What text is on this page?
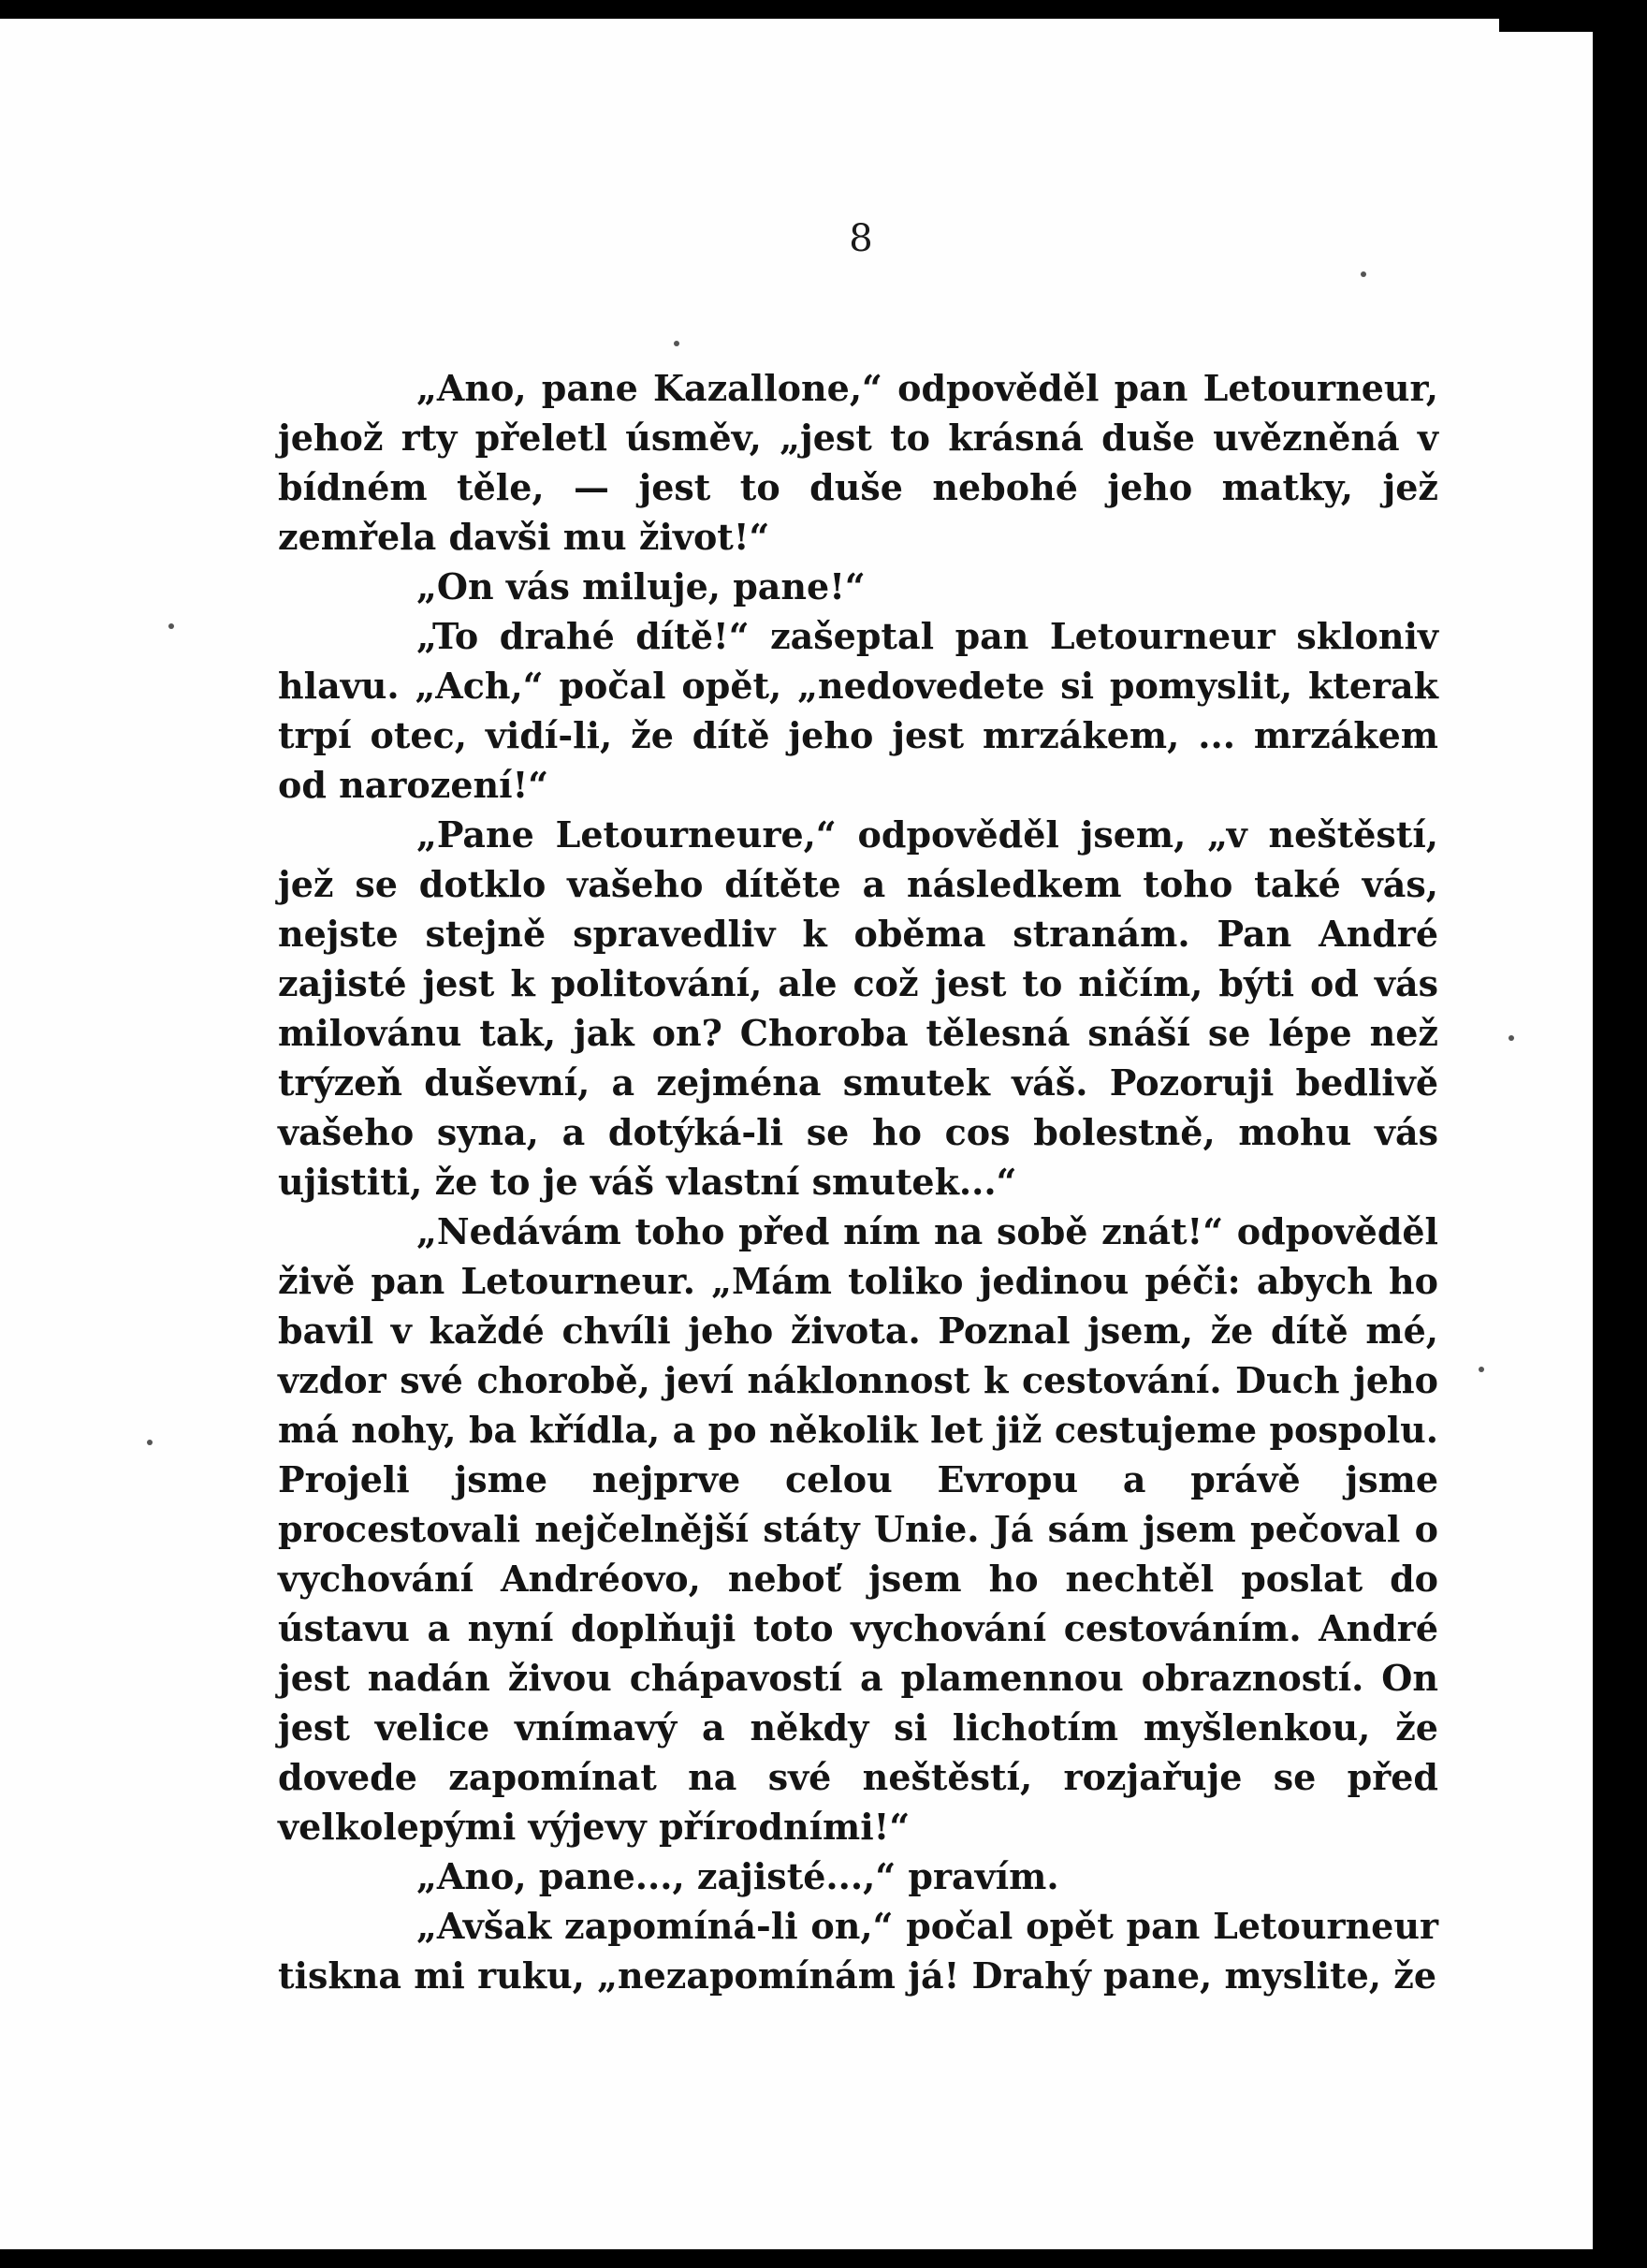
8

„Ano, pane Kazallone,“ odpověděl pan Letourneur, jehož rty přeletl úsměv, „jest to krásná duše uvězněná v bídném těle, — jest to duše nebohé jeho matky, jež zemřela davši mu život!“

„On vás miluje, pane!“

„To drahé dítě!“ zašeptal pan Letourneur skloniv hlavu. „Ach,“ počal opět, „nedovedete si pomyslit, kterak trpí otec, vidí-li, že dítě jeho jest mrzákem, ... mrzákem od narození!“

„Pane Letourneure,“ odpověděl jsem, „v neštěstí, jež se dotklo vašeho dítěte a následkem toho také vás, nejste stejně spravedliv k oběma stranám. Pan André zajisté jest k politování, ale což jest to ničím, býti od vás milovánu tak, jak on? Choroba tělesná snáší se lépe než trýzeň duševní, a zejména smutek váš. Pozoruji bedlivě vašeho syna, a dotýká-li se ho cos bolestně, mohu vás ujistiti, že to je váš vlastní smutek...“

„Nedávám toho před ním na sobě znát!“ odpověděl živě pan Letourneur. „Mám toliko jedinou péči: abych ho bavil v každé chvíli jeho života. Poznal jsem, že dítě mé, vzdor své chorobě, jeví náklonnost k cestování. Duch jeho má nohy, ba křídla, a po několik let již cestujeme pospolu. Projeli jsme nejprve celou Evropu a právě jsme procestovali nejčelnější státy Unie. Já sám jsem pečoval o vychování Andréovo, neboť jsem ho nechtěl poslat do ústavu a nyní doplňuji toto vychování cestováním. André jest nadán živou chápavostí a plamennou obrazností. On jest velice vnímavý a někdy si lichotím myšlenkou, že dovede zapomínat na své neštěstí, rozjařuje se před velkolepými výjevy přírodními!“

„Ano, pane..., zajisté...,“ pravím.

„Avšak zapomíná-li on,“ počal opět pan Letourneur tiskna mi ruku, „nezapomínám já! Drahý pane, myslite, že
